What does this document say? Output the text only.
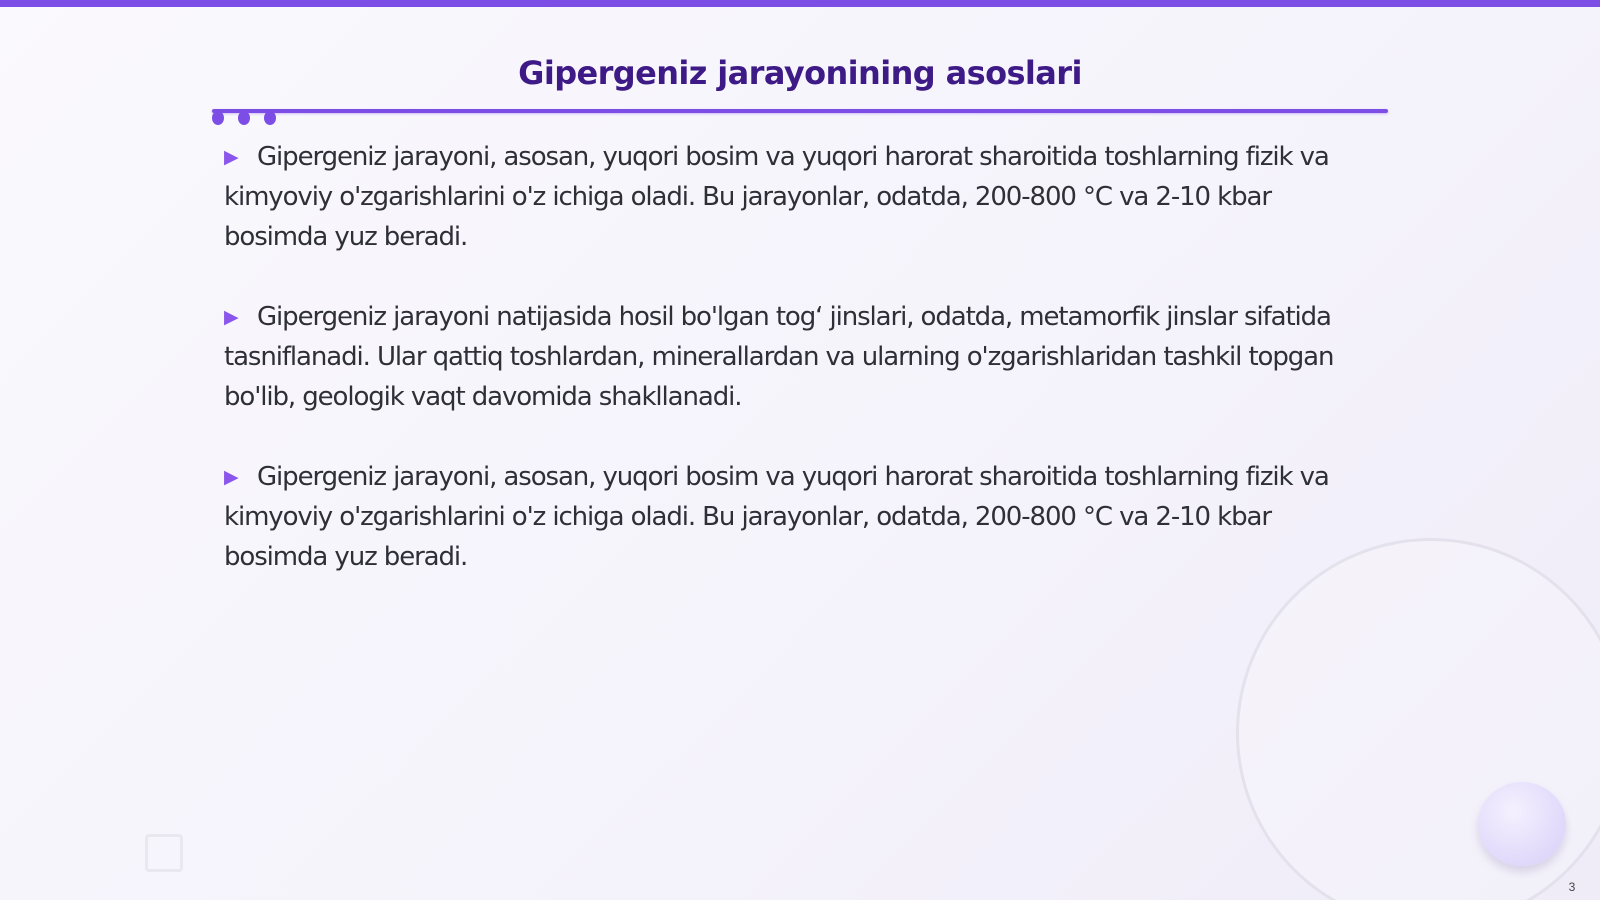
Gipergeniz jarayonining asoslari

▶ Gipergeniz jarayoni, asosan, yuqori bosim va yuqori harorat sharoitida toshlarning fizik va kimyoviy o'zgarishlarini o'z ichiga oladi. Bu jarayonlar, odatda, 200-800 °C va 2-10 kbar bosimda yuz beradi.

▶ Gipergeniz jarayoni natijasida hosil bo'lgan tog‘ jinslari, odatda, metamorfik jinslar sifatida tasniflanadi. Ular qattiq toshlardan, minerallardan va ularning o'zgarishlaridan tashkil topgan bo'lib, geologik vaqt davomida shakllanadi.

▶ Gipergeniz jarayoni, asosan, yuqori bosim va yuqori harorat sharoitida toshlarning fizik va kimyoviy o'zgarishlarini o'z ichiga oladi. Bu jarayonlar, odatda, 200-800 °C va 2-10 kbar bosimda yuz beradi.

3
